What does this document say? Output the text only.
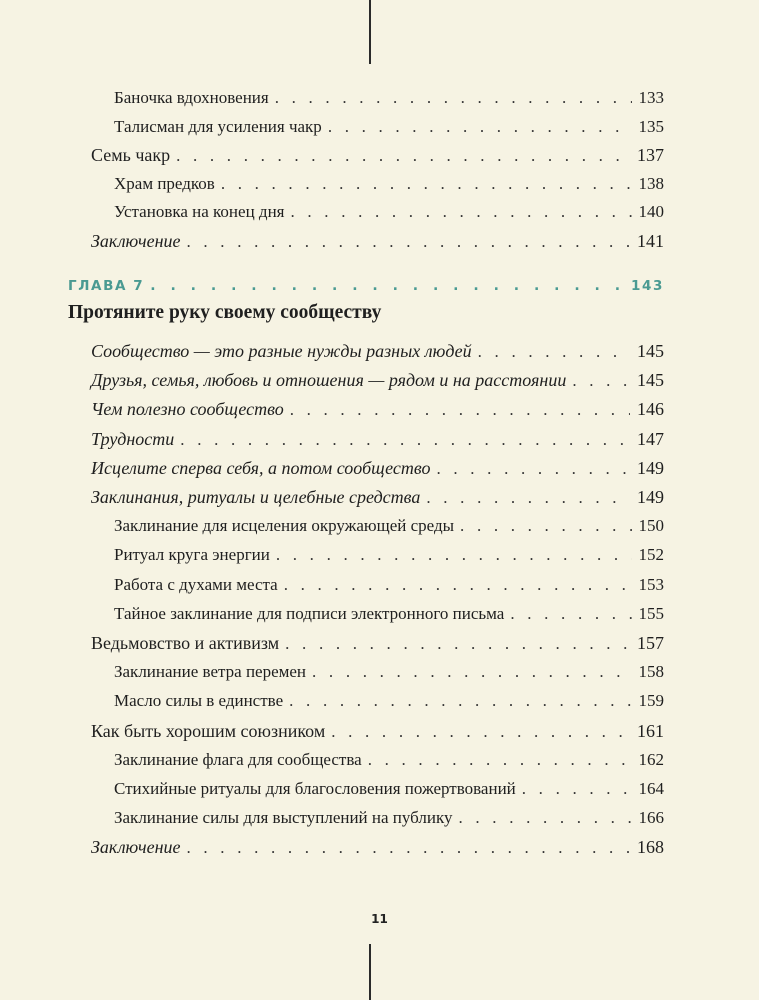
Баночка вдохновения . . .	133
Талисман для усиления чакр . . .	135
Семь чакр . . .	137
Храм предков . . .	138
Установка на конец дня . . .	140
Заключение . . .	141
ГЛАВА 7 . . .	143
Протяните руку своему сообществу
Сообщество — это разные нужды разных людей . . .	145
Друзья, семья, любовь и отношения — рядом и на расстоянии . . .	145
Чем полезно сообщество . . .	146
Трудности . . .	147
Исцелите сперва себя, а потом сообщество . . .	149
Заклинания, ритуалы и целебные средства . . .	149
Заклинание для исцеления окружающей среды . . .	150
Ритуал круга энергии . . .	152
Работа с духами места . . .	153
Тайное заклинание для подписи электронного письма . . .	155
Ведьмовство и активизм . . .	157
Заклинание ветра перемен . . .	158
Масло силы в единстве . . .	159
Как быть хорошим союзником . . .	161
Заклинание флага для сообщества . . .	162
Стихийные ритуалы для благословения пожертвований . . .	164
Заклинание силы для выступлений на публику . . .	166
Заключение . . .	168
11
